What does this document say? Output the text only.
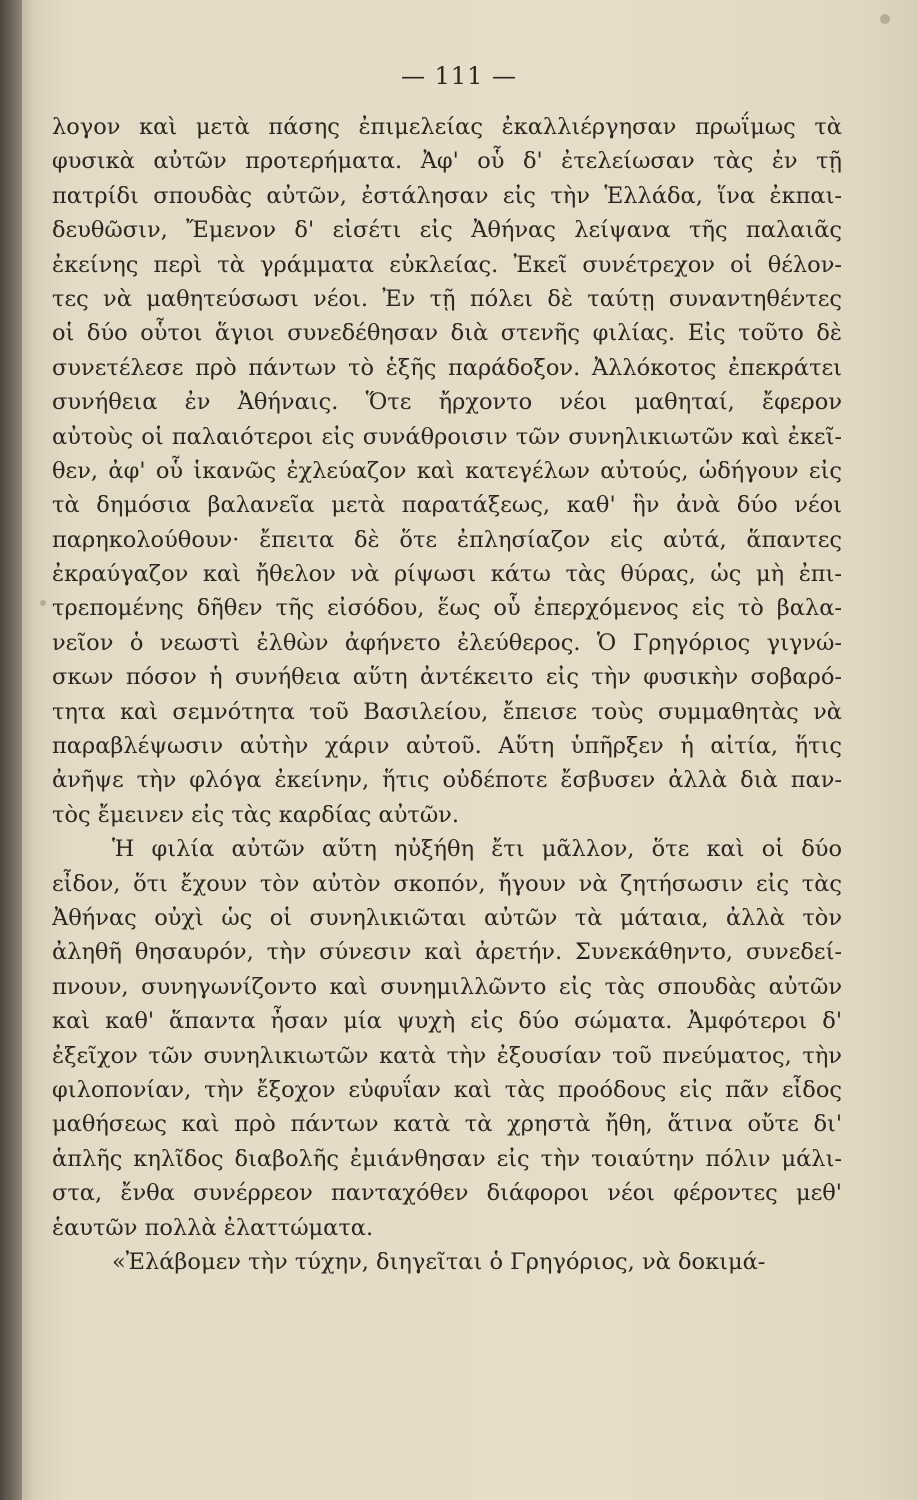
— 111 —
λογον καὶ μετὰ πάσης ἐπιμελείας ἐκαλλιέργησαν πρωΐμως τὰ
φυσικὰ αὐτῶν προτερήματα. Ἀφ' οὗ δ' ἐτελείωσαν τὰς ἐν τῇ
πατρίδι σπουδὰς αὐτῶν, ἐστάλησαν εἰς τὴν Ἑλλάδα, ἵνα ἐκπαι-
δευθῶσιν, Ἔμενον δ' εἰσέτι εἰς Ἀθήνας λείψανα τῆς παλαιᾶς
ἐκείνης περὶ τὰ γράμματα εὐκλείας. Ἐκεῖ συνέτρεχον οἱ θέλον-
τες νὰ μαθητεύσωσι νέοι. Ἐν τῇ πόλει δὲ ταύτῃ συναντηθέντες
οἱ δύο οὗτοι ἅγιοι συνεδέθησαν διὰ στενῆς φιλίας. Εἰς τοῦτο δὲ
συνετέλεσε πρὸ πάντων τὸ ἑξῆς παράδοξον. Ἀλλόκοτος ἐπεκράτει
συνήθεια ἐν Ἀθήναις. Ὅτε ἤρχοντο νέοι μαθηταί, ἔφερον
αὐτοὺς οἱ παλαιότεροι εἰς συνάθροισιν τῶν συνηλικιωτῶν καὶ ἐκεῖ-
θεν, ἀφ' οὗ ἱκανῶς ἐχλεύαζον καὶ κατεγέλων αὐτούς, ὡδήγουν εἰς
τὰ δημόσια βαλανεῖα μετὰ παρατάξεως, καθ' ἣν ἀνὰ δύο νέοι
παρηκολούθουν· ἔπειτα δὲ ὅτε ἐπλησίαζον εἰς αὐτά, ἅπαντες
ἐκραύγαζον καὶ ἤθελον νὰ ρίψωσι κάτω τὰς θύρας, ὡς μὴ ἐπι-
τρεπομένης δῆθεν τῆς εἰσόδου, ἕως οὗ ἐπερχόμενος εἰς τὸ βαλα-
νεῖον ὁ νεωστὶ ἐλθὼν ἀφήνετο ἐλεύθερος. Ὁ Γρηγόριος γιγνώ-
σκων πόσον ἡ συνήθεια αὕτη ἀντέκειτο εἰς τὴν φυσικὴν σοβαρό-
τητα καὶ σεμνότητα τοῦ Βασιλείου, ἔπεισε τοὺς συμμαθητὰς νὰ
παραβλέψωσιν αὐτὴν χάριν αὐτοῦ. Αὕτη ὑπῆρξεν ἡ αἰτία, ἥτις
ἀνῆψε τὴν φλόγα ἐκείνην, ἥτις οὐδέποτε ἔσβυσεν ἀλλὰ διὰ παν-
τὸς ἔμεινεν εἰς τὰς καρδίας αὐτῶν.
Ἡ φιλία αὐτῶν αὕτη ηὐξήθη ἔτι μᾶλλον, ὅτε καὶ οἱ δύο
εἶδον, ὅτι ἔχουν τὸν αὐτὸν σκοπόν, ἤγουν νὰ ζητήσωσιν εἰς τὰς
Ἀθήνας οὐχὶ ὡς οἱ συνηλικιῶται αὐτῶν τὰ μάταια, ἀλλὰ τὸν
ἀληθῆ θησαυρόν, τὴν σύνεσιν καὶ ἀρετήν. Συνεκάθηντο, συνεδεί-
πνουν, συνηγωνίζοντο καὶ συνημιλλῶντο εἰς τὰς σπουδὰς αὐτῶν
καὶ καθ' ἅπαντα ἦσαν μία ψυχὴ εἰς δύο σώματα. Ἀμφότεροι δ'
ἐξεῖχον τῶν συνηλικιωτῶν κατὰ τὴν ἐξουσίαν τοῦ πνεύματος, τὴν
φιλοπονίαν, τὴν ἔξοχον εὐφυΐαν καὶ τὰς προόδους εἰς πᾶν εἶδος
μαθήσεως καὶ πρὸ πάντων κατὰ τὰ χρηστὰ ἤθη, ἅτινα οὔτε δι'
ἁπλῆς κηλῖδος διαβολῆς ἐμιάνθησαν εἰς τὴν τοιαύτην πόλιν μάλι-
στα, ἔνθα συνέρρεον πανταχόθεν διάφοροι νέοι φέροντες μεθ'
ἑαυτῶν πολλὰ ἐλαττώματα.
«Ἐλάβομεν τὴν τύχην, διηγεῖται ὁ Γρηγόριος, νὰ δοκιμά-
